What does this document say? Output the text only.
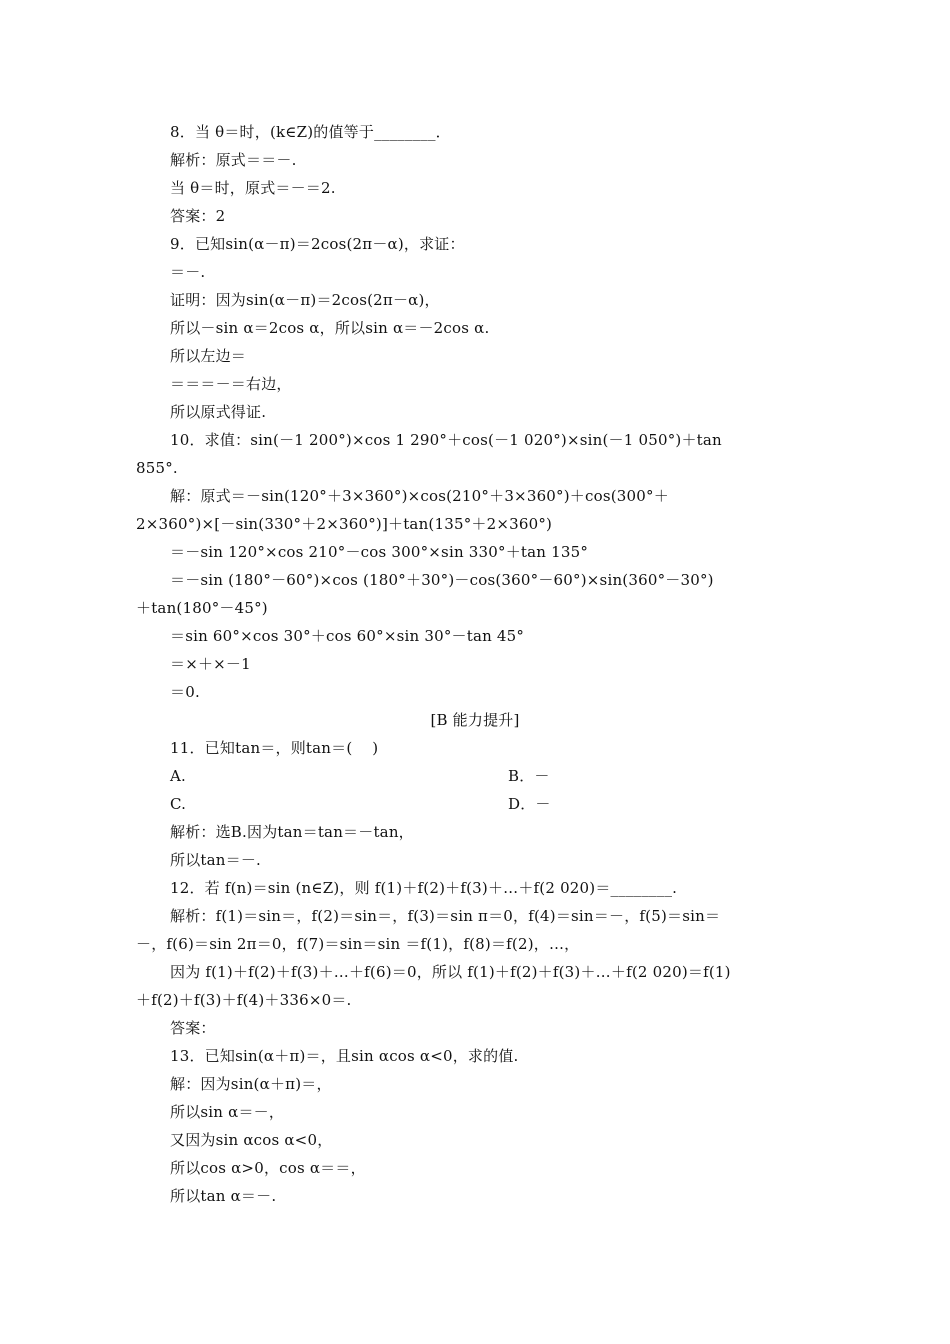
8．当 θ＝时，(k∈Z)的值等于________．
解析：原式＝＝－.
当 θ＝时，原式＝－＝2.
答案：2
9．已知sin(α－π)＝2cos(2π－α)，求证：
＝－.
证明：因为sin(α－π)＝2cos(2π－α)，
所以－sin α＝2cos α，所以sin α＝－2cos α.
所以左边＝
＝＝＝－＝右边，
所以原式得证.
10．求值：sin(－1 200°)×cos 1 290°＋cos(－1 020°)×sin(－1 050°)＋tan
855°.
解：原式＝－sin(120°＋3×360°)×cos(210°＋3×360°)＋cos(300°＋
2×360°)×[－sin(330°＋2×360°)]＋tan(135°＋2×360°)
＝－sin 120°×cos 210°－cos 300°×sin 330°＋tan 135°
＝－sin (180°－60°)×cos (180°＋30°)－cos(360°－60°)×sin(360°－30°)
＋tan(180°－45°)
＝sin 60°×cos 30°＋cos 60°×sin 30°－tan 45°
＝×＋×－1
＝0.
[B 能力提升]
11．已知tan＝，则tan＝(    )
A.	B．－
C.	D．－
解析：选B.因为tan＝tan＝－tan，
所以tan＝－.
12．若 f(n)＝sin (n∈Z)，则 f(1)＋f(2)＋f(3)＋…＋f(2 020)＝________.
解析：f(1)＝sin＝，f(2)＝sin＝，f(3)＝sin π＝0，f(4)＝sin＝－，f(5)＝sin＝
－，f(6)＝sin 2π＝0，f(7)＝sin＝sin ＝f(1)，f(8)＝f(2)，…，
因为 f(1)＋f(2)＋f(3)＋…＋f(6)＝0，所以 f(1)＋f(2)＋f(3)＋…＋f(2 020)＝f(1)
＋f(2)＋f(3)＋f(4)＋336×0＝.
答案：
13．已知sin(α＋π)＝，且sin αcos α<0，求的值.
解：因为sin(α＋π)＝，
所以sin α＝－，
又因为sin αcos α<0，
所以cos α>0，cos α＝＝，
所以tan α＝－.
